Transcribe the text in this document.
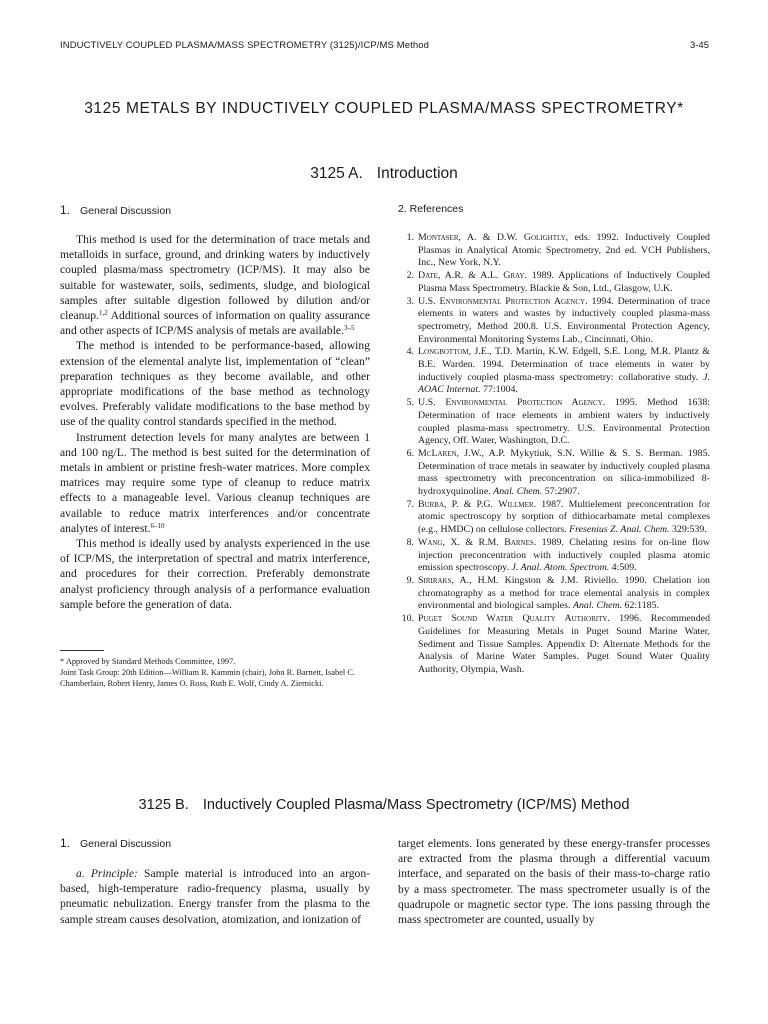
INDUCTIVELY COUPLED PLASMA/MASS SPECTROMETRY (3125)/ICP/MS Method	3-45
3125 METALS BY INDUCTIVELY COUPLED PLASMA/MASS SPECTROMETRY*
3125 A. Introduction
1. General Discussion	2. References

This method is used for the determination of trace metals and metalloids in surface, ground, and drinking waters by inductively coupled plasma/mass spectrometry (ICP/MS). It may also be suitable for wastewater, soils, sediments, sludge, and biological samples after suitable digestion followed by dilution and/or cleanup.$^{1,2}$ Additional sources of information on quality assurance and other aspects of ICP/MS analysis of metals are available.$^{3-5}$

The method is intended to be performance-based, allowing extension of the elemental analyte list, implementation of “clean” preparation techniques as they become available, and other appropriate modifications of the base method as technology evolves. Preferably validate modifications to the base method by use of the quality control standards specified in the method.

Instrument detection levels for many analytes are between 1 and 100 ng/L. The method is best suited for the determination of metals in ambient or pristine fresh-water matrices. More complex matrices may require some type of cleanup to reduce matrix effects to a manageable level. Various cleanup techniques are available to reduce matrix interferences and/or concentrate analytes of interest.$^{6-10}$

This method is ideally used by analysts experienced in the use of ICP/MS, the interpretation of spectral and matrix interference, and procedures for their correction. Preferably demonstrate analyst proficiency through analysis of a performance evaluation sample before the generation of data.

1. Montaser, A. & D.W. Golightly, eds. 1992. Inductively Coupled Plasmas in Analytical Atomic Spectrometry, 2nd ed. VCH Publishers, Inc., New York, N.Y.
2. Date, A.R. & A.L. Gray. 1989. Applications of Inductively Coupled Plasma Mass Spectrometry. Blackie & Son, Ltd., Glasgow, U.K.
3. U.S. Environmental Protection Agency. 1994. Determination of trace elements in waters and wastes by inductively coupled plasma-mass spectrometry, Method 200.8. U.S. Environmental Protection Agency, Environmental Monitoring Systems Lab., Cincinnati, Ohio.
4. Longbottom, J.E., T.D. Martin, K.W. Edgell, S.E. Long, M.R. Plantz & B.E. Warden. 1994. Determination of trace elements in water by inductively coupled plasma-mass spectrometry: collaborative study. J. AOAC Internat. 77:1004.
5. U.S. Environmental Protection Agency. 1995. Method 1638: Determination of trace elements in ambient waters by inductively coupled plasma-mass spectrometry. U.S. Environmental Protection Agency, Off. Water, Washington, D.C.
6. McLaren, J.W., A.P. Mykytiuk, S.N. Willie & S. S. Berman. 1985. Determination of trace metals in seawater by inductively coupled plasma mass spectrometry with preconcentration on silica-immobilized 8-hydroxyquinoline. Anal. Chem. 57:2907.
7. Burba, P. & P.G. Willmer. 1987. Multielement preconcentration for atomic spectroscopy by sorption of dithiocarbamate metal complexes (e.g., HMDC) on cellulose collectors. Fresenius Z. Anal. Chem. 329:539.
8. Wang, X. & R.M. Barnes. 1989. Chelating resins for on-line flow injection preconcentration with inductively coupled plasma atomic emission spectroscopy. J. Anal. Atom. Spectrom. 4:509.
9. Siriraks, A., H.M. Kingston & J.M. Riviello. 1990. Chelation ion chromatography as a method for trace elemental analysis in complex environmental and biological samples. Anal. Chem. 62:1185.
10. Puget Sound Water Quality Authority. 1996. Recommended Guidelines for Measuring Metals in Puget Sound Marine Water, Sediment and Tissue Samples. Appendix D: Alternate Methods for the Analysis of Marine Water Samples. Puget Sound Water Quality Authority, Olympia, Wash.
* Approved by Standard Methods Committee, 1997.
Joint Task Group: 20th Edition—William R. Kammin (chair), John R. Barnett, Isabel C. Chamberlain, Robert Henry, James O. Ross, Ruth E. Wolf, Cindy A. Ziernicki.
3125 B. Inductively Coupled Plasma/Mass Spectrometry (ICP/MS) Method
1. General Discussion

a. Principle: Sample material is introduced into an argon-based, high-temperature radio-frequency plasma, usually by pneumatic nebulization. Energy transfer from the plasma to the sample stream causes desolvation, atomization, and ionization of

target elements. Ions generated by these energy-transfer processes are extracted from the plasma through a differential vacuum interface, and separated on the basis of their mass-to-charge ratio by a mass spectrometer. The mass spectrometer usually is of the quadrupole or magnetic sector type. The ions passing through the mass spectrometer are counted, usually by
